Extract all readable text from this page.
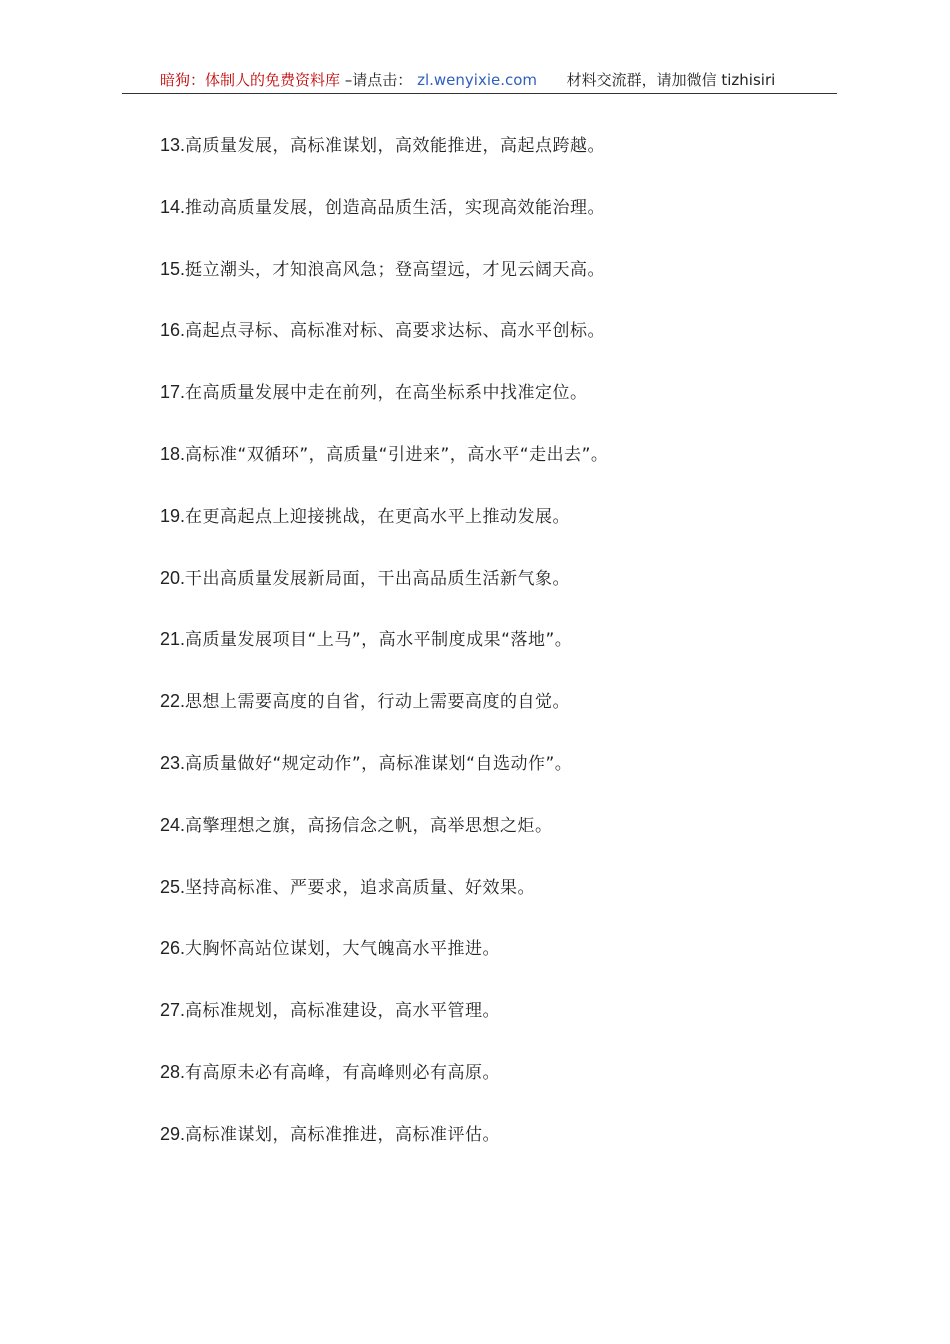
暗狗：体制人的免费资料库 –请点击： zl.wenyixie.com 材料交流群，请加微信 tizhisiri
13.高质量发展，高标准谋划，高效能推进，高起点跨越。
14.推动高质量发展，创造高品质生活，实现高效能治理。
15.挺立潮头，才知浪高风急；登高望远，才见云阔天高。
16.高起点寻标、高标准对标、高要求达标、高水平创标。
17.在高质量发展中走在前列，在高坐标系中找准定位。
18.高标准“双循环”，高质量“引进来”，高水平“走出去”。
19.在更高起点上迎接挑战，在更高水平上推动发展。
20.干出高质量发展新局面，干出高品质生活新气象。
21.高质量发展项目“上马”，高水平制度成果“落地”。
22.思想上需要高度的自省，行动上需要高度的自觉。
23.高质量做好“规定动作”，高标准谋划“自选动作”。
24.高擎理想之旗，高扬信念之帆，高举思想之炬。
25.坚持高标准、严要求，追求高质量、好效果。
26.大胸怀高站位谋划，大气魄高水平推进。
27.高标准规划，高标准建设，高水平管理。
28.有高原未必有高峰，有高峰则必有高原。
29.高标准谋划，高标准推进，高标准评估。
